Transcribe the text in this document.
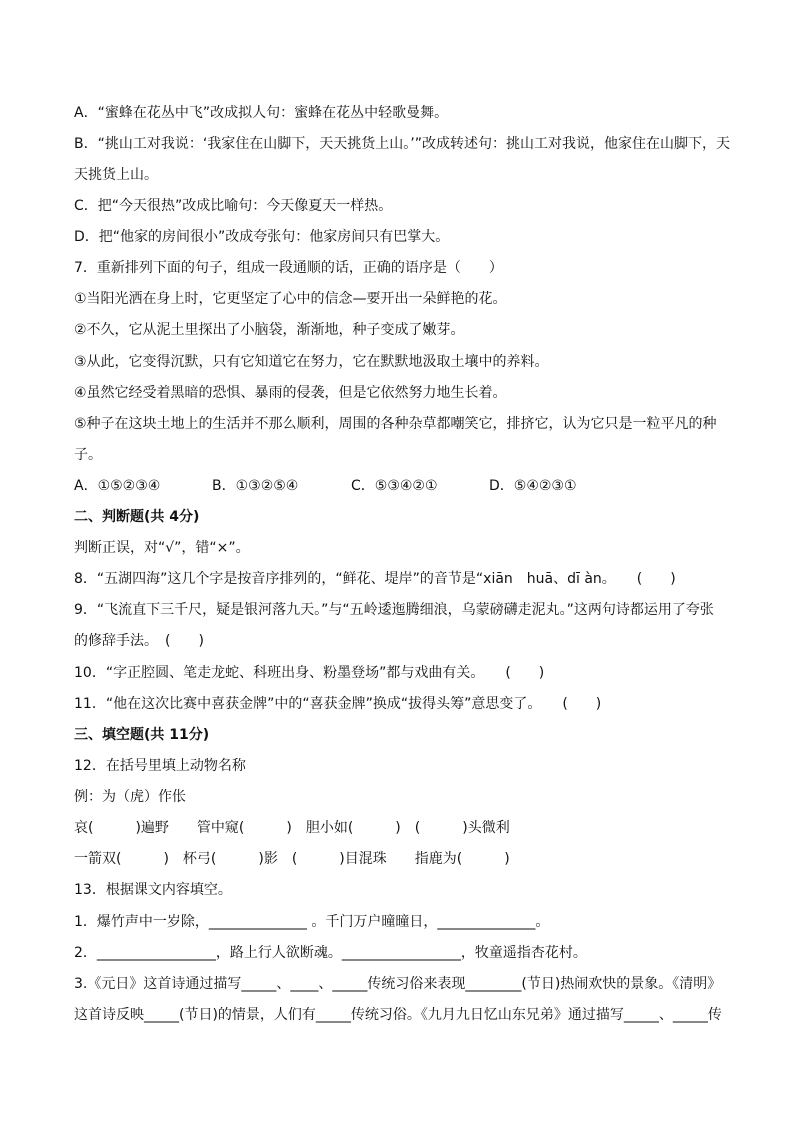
A．“蜜蜂在花丛中飞”改成拟人句：蜜蜂在花丛中轻歌曼舞。
B．“挑山工对我说：‘我家住在山脚下，天天挑货上山。’”改成转述句：挑山工对我说，他家住在山脚下，天
天挑货上山。
C．把“今天很热”改成比喻句：今天像夏天一样热。
D．把“他家的房间很小”改成夸张句：他家房间只有巴掌大。
7．重新排列下面的句子，组成一段通顺的话，正确的语序是（　　）
①当阳光洒在身上时，它更坚定了心中的信念—要开出一朵鲜艳的花。
②不久，它从泥土里探出了小脑袋，渐渐地，种子变成了嫩芽。
③从此，它变得沉默，只有它知道它在努力，它在默默地汲取土壤中的养料。
④虽然它经受着黑暗的恐惧、暴雨的侵袭，但是它依然努力地生长着。
⑤种子在这块土地上的生活并不那么顺利，周围的各种杂草都嘲笑它，排挤它，认为它只是一粒平凡的种
子。
A．①⑤②③④	B．①③②⑤④	C．⑤③④②①	D．⑤④②③①
二、判断题(共 4分)
判断正误，对“√”，错“×”。
8．“五湖四海”这几个字是按音序排列的，“鲜花、堤岸”的音节是“xiān　huā、dī àn。　　(　　)
9．“飞流直下三千尺，疑是银河落九天。”与“五岭逶迤腾细浪，乌蒙磅礴走泥丸。”这两句诗都运用了夸张
的修辞手法。　(　　)
10．“字正腔圆、笔走龙蛇、科班出身、粉墨登场”都与戏曲有关。　　(　　)
11．“他在这次比赛中喜获金牌”中的“喜获金牌”换成“拔得头筹”意思变了。　　(　　)
三、填空题(共 11分)
12．在括号里填上动物名称
例：为（虎）作伥
哀(　　　)遍野　　管中窥(　　　)　胆小如(　　　)　(　　　)头微利
一箭双(　　　)　杯弓(　　　)影　(　　　)目混珠　　指鹿为(　　　)
13．根据课文内容填空。
1．爆竹声中一岁除，______________ 。千门万户曈曈日，______________。
2．_________________，路上行人欲断魂。_________________，牧童遥指杏花村。
3.《元日》这首诗通过描写_____、____、_____传统习俗来表现________(节日)热闹欢快的景象。《清明》
这首诗反映_____(节日)的情景，人们有_____传统习俗。《九月九日忆山东兄弟》通过描写_____、_____传
